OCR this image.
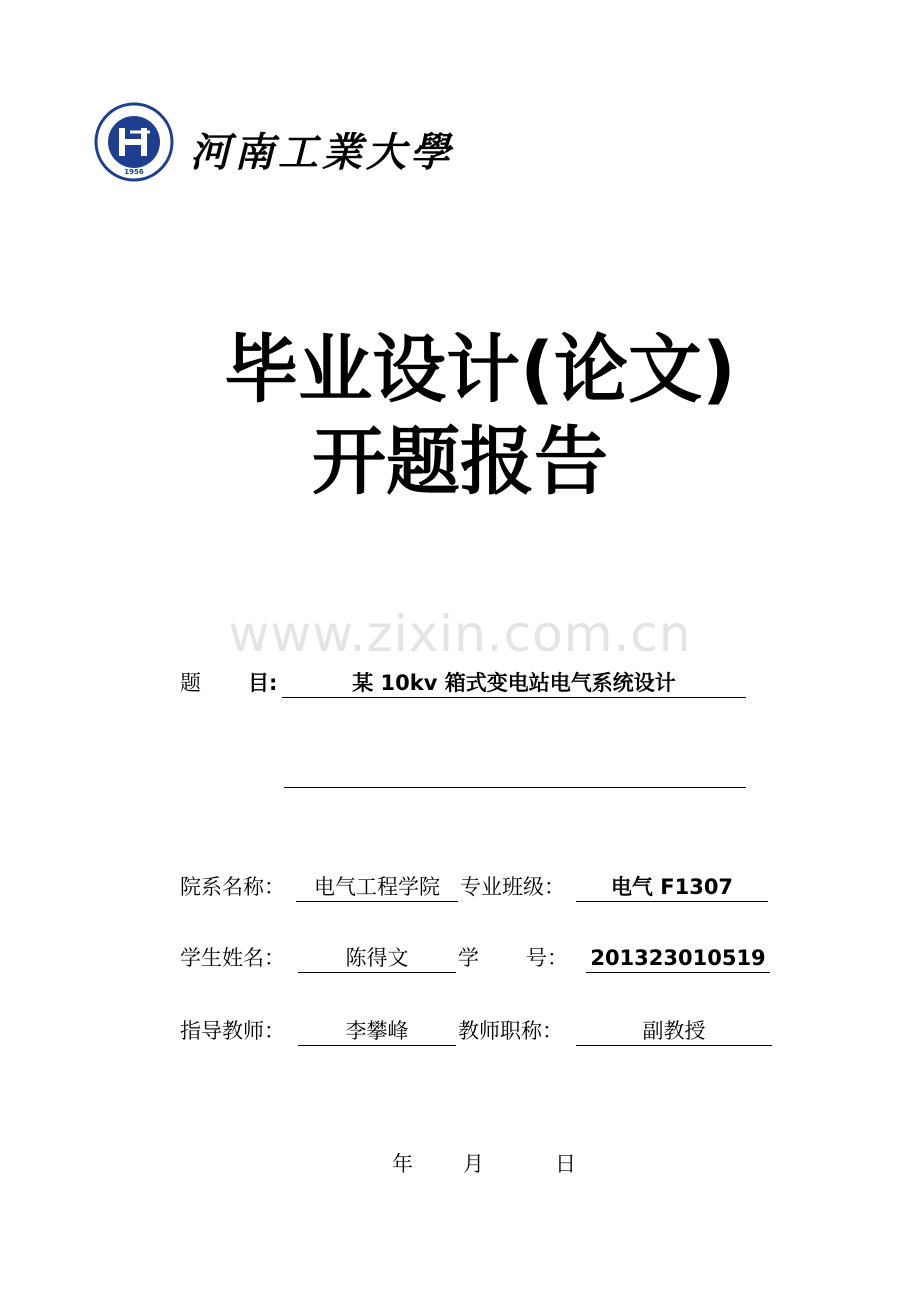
1956 河南工業大學
毕业设计(论文)
开题报告
www.zixin.com.cn
题 目:	某 10kv 箱式变电站电气系统设计
院系名称：	电气工程学院 专业班级：	电气 F1307
学生姓名：	陈得文	学 号： 201323010519
指导教师：	李攀峰	教师职称：	副教授
年 月	日
